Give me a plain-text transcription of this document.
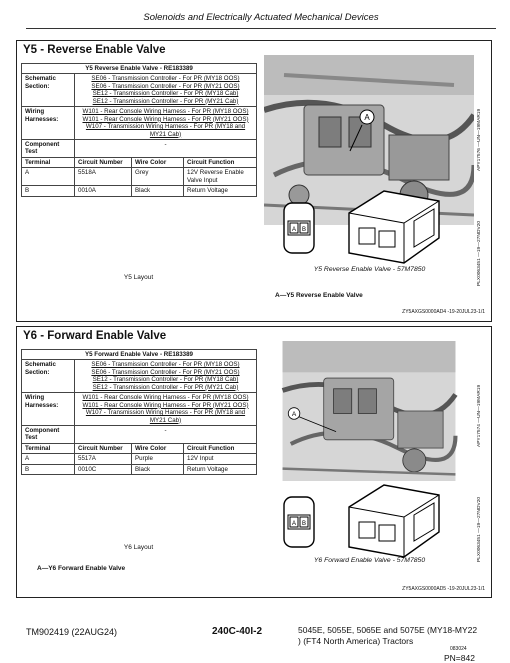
Solenoids and Electrically Actuated Mechanical Devices
Y5 - Reverse Enable Valve
Y5 Reverse Enable Valve - RE183389			
Schematic Section:	SE06 - Transmission Controller - For PR (MY18 OOS)
SE06 - Transmission Controller - For PR (MY21 OOS)
SE12 - Transmission Controller - For PR (MY18 Cab)
SE12 - Transmission Controller - For PR (MY21 Cab)		

Wiring Harnesses:	W101 - Rear Console Wiring Harness - For PR (MY18 OOS)
W101 - Rear Console Wiring Harness - For PR (MY21 OOS)
W107 - Transmission Wiring Harness - For PR (MY18 and MY21 Cab)		

Component Test	-		
Terminal	Circuit Number	Wire Color	Circuit Function
A	5518A	Grey	12V Reverse Enable Valve Input
B	0010A	Black	Return Voltage
Y5 Layout
A	APY17576 —UN—19MAR19
A B	PLX0063451 —19—27NOV20
Y5 Reverse Enable Valve - 57M7850
A—Y5 Reverse Enable Valve
ZY5AXGS0000AD4 -19-20JUL23-1/1
Y6 - Forward Enable Valve
Y5 Forward Enable Valve - RE183389			
Schematic Section:	SE06 - Transmission Controller - For PR (MY18 OOS)
SE06 - Transmission Controller - For PR (MY21 OOS)
SE12 - Transmission Controller - For PR (MY18 Cab)
SE12 - Transmission Controller - For PR (MY21 Cab)		

Wiring Harnesses:	W101 - Rear Console Wiring Harness - For PR (MY18 OOS)
W101 - Rear Console Wiring Harness - For PR (MY21 OOS)
W107 - Transmission Wiring Harness - For PR (MY18 and MY21 Cab)		

Component Test	-		
Terminal	Circuit Number	Wire Color	Circuit Function
A	5517A	Purple	12V Input
B	0010C	Black	Return Voltage
Y6 Layout
A—Y6 Forward Enable Valve
A	APY17574 —UN—19MAR19
A B	PLX0063451 —19—27NOV20
Y6 Forward Enable Valve - 57M7850
ZY5AXGS0000AD5 -19-20JUL23-1/1
TM902419 (22AUG24)	240C-40I-2	5045E, 5055E, 5065E and 5075E (MY18-MY22
) (FT4 North America) Tractors
083024
PN=842
